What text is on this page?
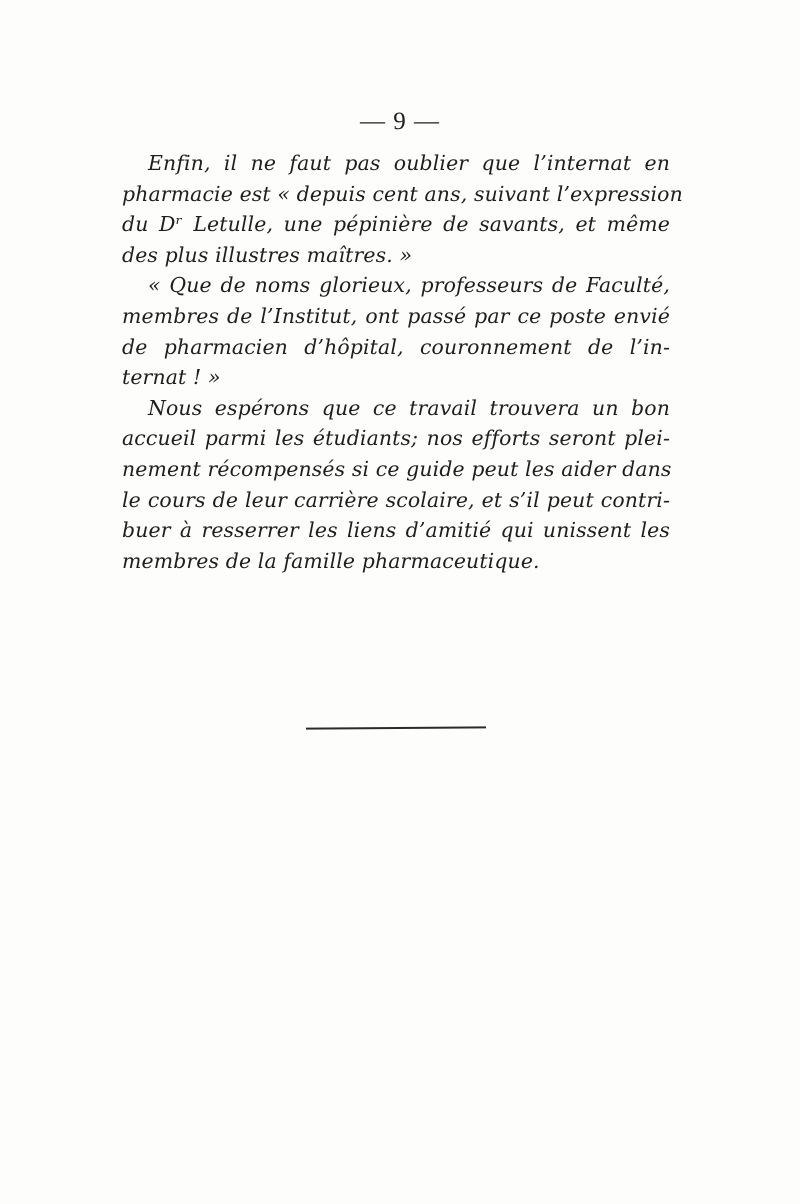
— 9 —
Enfin, il ne faut pas oublier que l’internat en
pharmacie est « depuis cent ans, suivant l’expression
du Dʳ Letulle, une pépinière de savants, et même
des plus illustres maîtres. »
« Que de noms glorieux, professeurs de Faculté,
membres de l’Institut, ont passé par ce poste envié
de pharmacien d’hôpital, couronnement de l’in-
ternat ! »
Nous espérons que ce travail trouvera un bon
accueil parmi les étudiants; nos efforts seront plei-
nement récompensés si ce guide peut les aider dans
le cours de leur carrière scolaire, et s’il peut contri-
buer à resserrer les liens d’amitié qui unissent les
membres de la famille pharmaceutique.
